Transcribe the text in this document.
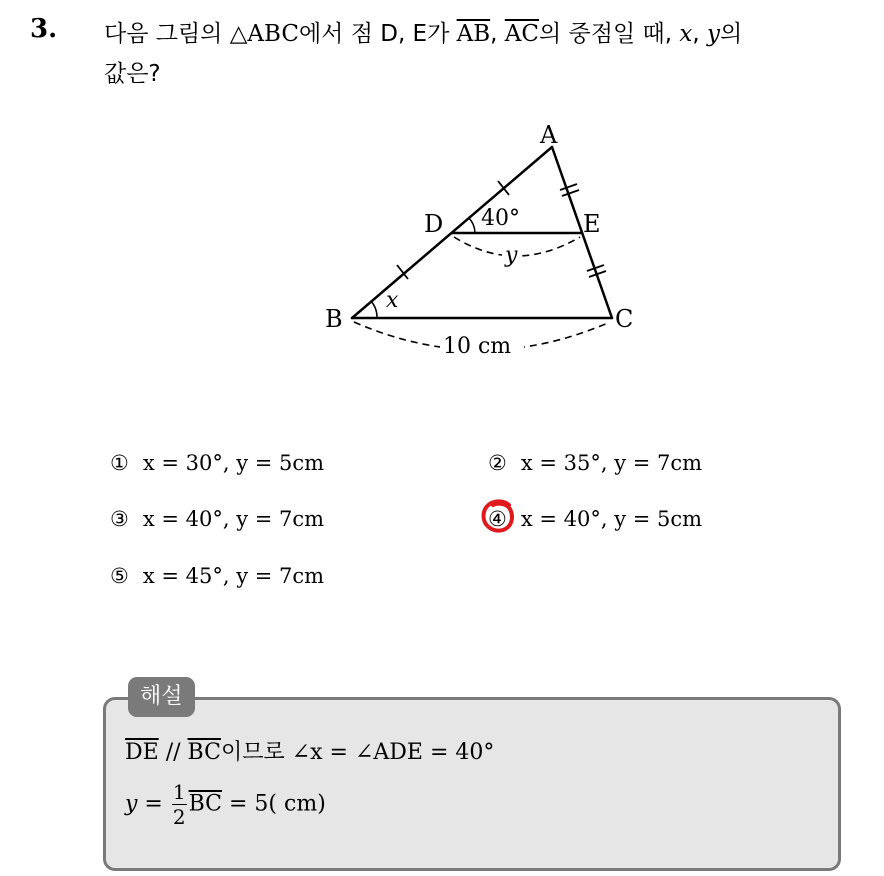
3. 다음 그림의 △ABC에서 점 D, E가 $\overline{AB}$, $\overline{AC}$의 중점일 때, x, y의
값은?
A
D	E
B	C
40°
x
y
10 cm
① x = 30°, y = 5cm	② x = 35°, y = 7cm
③ x = 40°, y = 7cm	④ x = 40°, y = 5cm
⑤ x = 45°, y = 7cm
해설
$\overline{DE} // \overline{BC}$이므로 ∠x = ∠ADE = 40°
$y = \frac{1}{2} \overline{BC} = 5$( cm)
